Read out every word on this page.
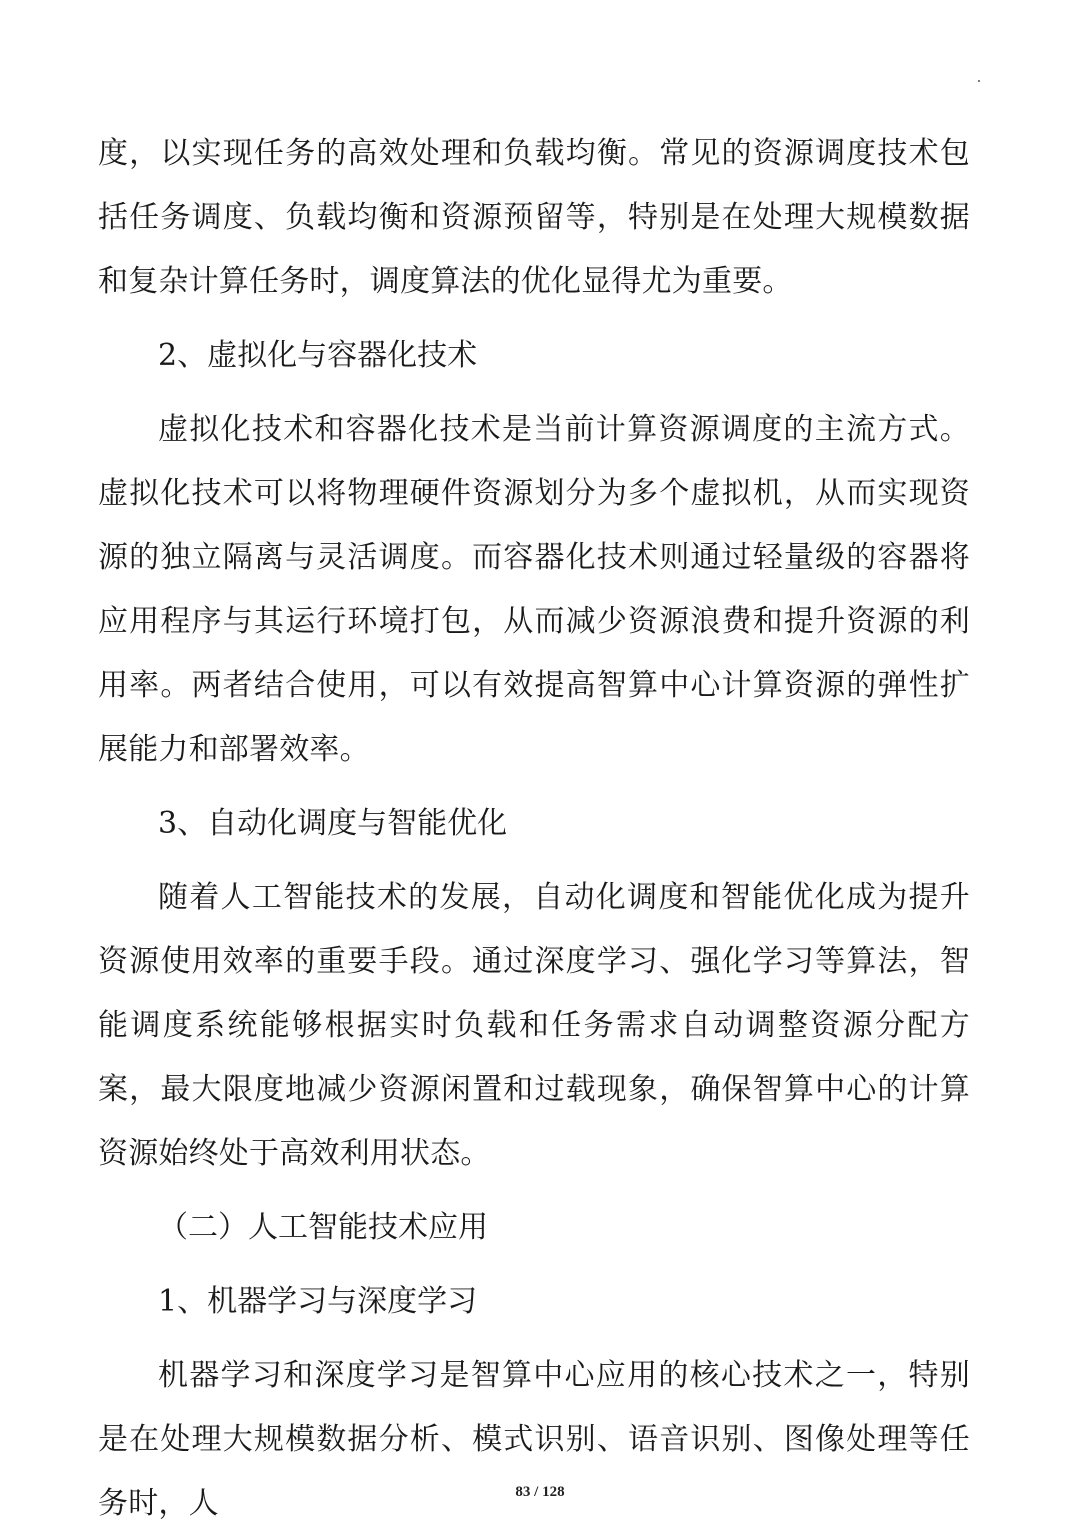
度，以实现任务的高效处理和负载均衡。常见的资源调度技术包括任务调度、负载均衡和资源预留等，特别是在处理大规模数据和复杂计算任务时，调度算法的优化显得尤为重要。

2、虚拟化与容器化技术

虚拟化技术和容器化技术是当前计算资源调度的主流方式。虚拟化技术可以将物理硬件资源划分为多个虚拟机，从而实现资源的独立隔离与灵活调度。而容器化技术则通过轻量级的容器将应用程序与其运行环境打包，从而减少资源浪费和提升资源的利用率。两者结合使用，可以有效提高智算中心计算资源的弹性扩展能力和部署效率。

3、自动化调度与智能优化

随着人工智能技术的发展，自动化调度和智能优化成为提升资源使用效率的重要手段。通过深度学习、强化学习等算法，智能调度系统能够根据实时负载和任务需求自动调整资源分配方案，最大限度地减少资源闲置和过载现象，确保智算中心的计算资源始终处于高效利用状态。

（二）人工智能技术应用

1、机器学习与深度学习

机器学习和深度学习是智算中心应用的核心技术之一，特别是在处理大规模数据分析、模式识别、语音识别、图像处理等任务时，人	83 / 128
